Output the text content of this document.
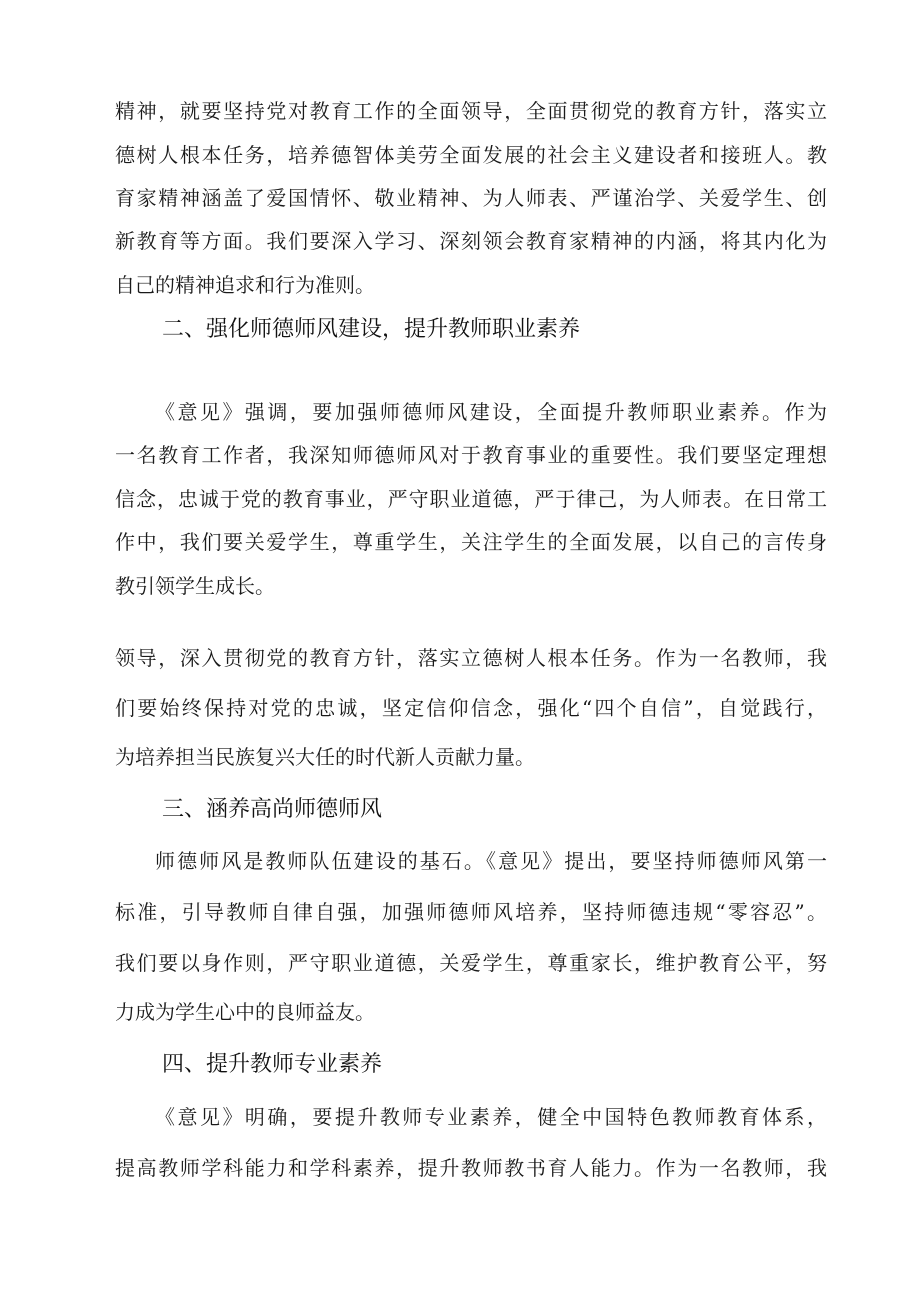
精神，就要坚持党对教育工作的全面领导，全面贯彻党的教育方针，落实立
德树人根本任务，培养德智体美劳全面发展的社会主义建设者和接班人。教
育家精神涵盖了爱国情怀、敬业精神、为人师表、严谨治学、关爱学生、创
新教育等方面。我们要深入学习、深刻领会教育家精神的内涵，将其内化为
自己的精神追求和行为准则。
二、强化师德师风建设，提升教师职业素养
《意见》强调，要加强师德师风建设，全面提升教师职业素养。作为
一名教育工作者，我深知师德师风对于教育事业的重要性。我们要坚定理想
信念，忠诚于党的教育事业，严守职业道德，严于律己，为人师表。在日常工
作中，我们要关爱学生，尊重学生，关注学生的全面发展，以自己的言传身
教引领学生成长。
领导，深入贯彻党的教育方针，落实立德树人根本任务。作为一名教师，我
们要始终保持对党的忠诚，坚定信仰信念，强化“四个自信”，自觉践行，
为培养担当民族复兴大任的时代新人贡献力量。
三、涵养高尚师德师风
师德师风是教师队伍建设的基石。《意见》提出，要坚持师德师风第一
标准，引导教师自律自强，加强师德师风培养，坚持师德违规“零容忍”。
我们要以身作则，严守职业道德，关爱学生，尊重家长，维护教育公平，努
力成为学生心中的良师益友。
四、提升教师专业素养
《意见》明确，要提升教师专业素养，健全中国特色教师教育体系，
提高教师学科能力和学科素养，提升教师教书育人能力。作为一名教师，我
